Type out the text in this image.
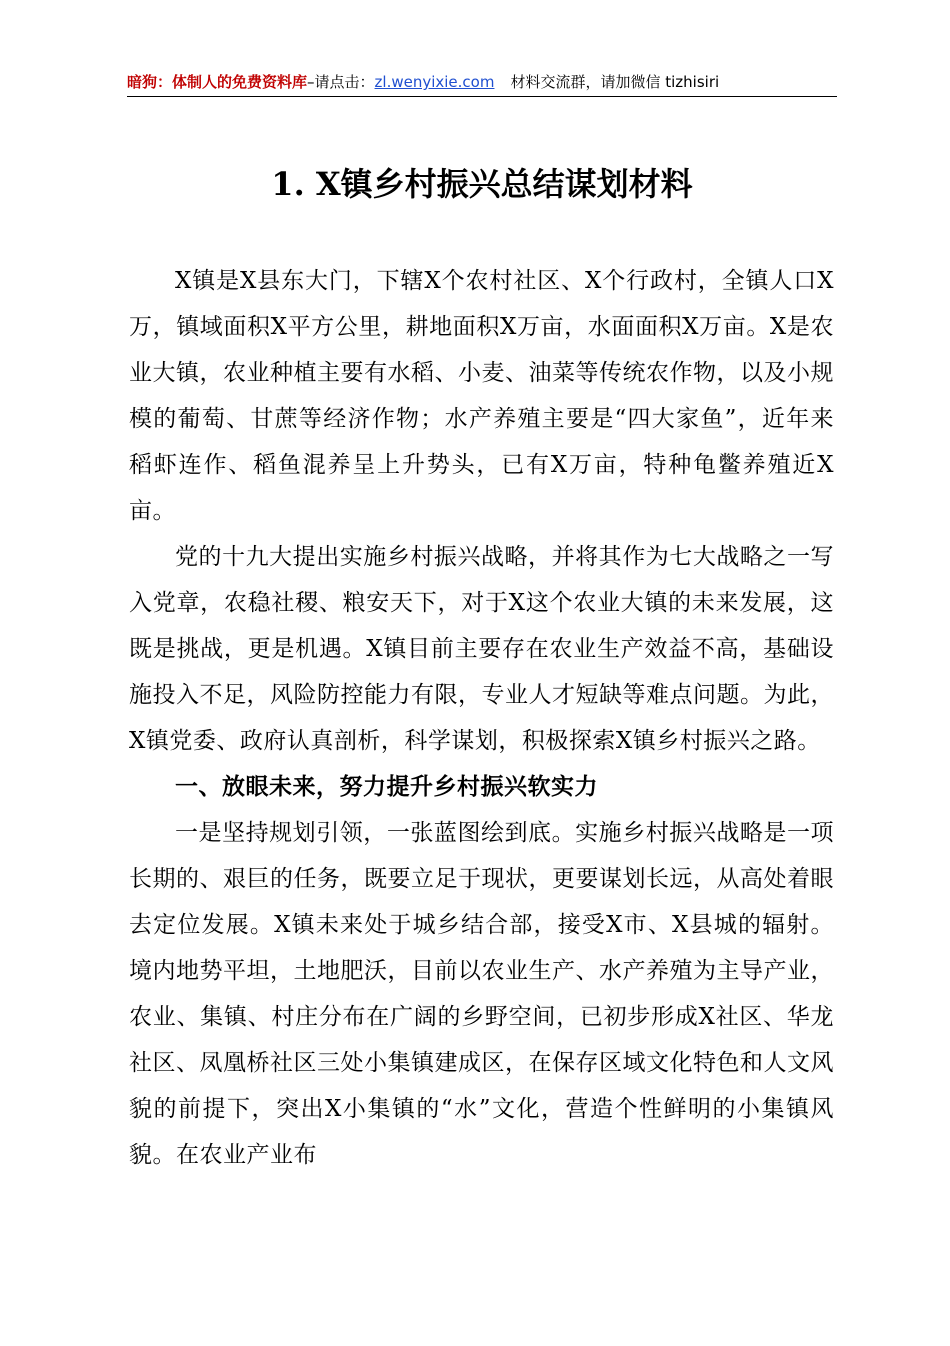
暗狗：体制人的免费资料库–请点击：zl.wenyixie.com 材料交流群，请加微信 tizhisiri
1. X镇乡村振兴总结谋划材料

X镇是X县东大门，下辖X个农村社区、X个行政村，全镇人口X万，镇域面积X平方公里，耕地面积X万亩，水面面积X万亩。X是农业大镇，农业种植主要有水稻、小麦、油菜等传统农作物，以及小规模的葡萄、甘蔗等经济作物；水产养殖主要是“四大家鱼”，近年来稻虾连作、稻鱼混养呈上升势头，已有X万亩，特种龟鳖养殖近X亩。

党的十九大提出实施乡村振兴战略，并将其作为七大战略之一写入党章，农稳社稷、粮安天下，对于X这个农业大镇的未来发展，这既是挑战，更是机遇。X镇目前主要存在农业生产效益不高，基础设施投入不足，风险防控能力有限，专业人才短缺等难点问题。为此，X镇党委、政府认真剖析，科学谋划，积极探索X镇乡村振兴之路。

一、放眼未来，努力提升乡村振兴软实力

一是坚持规划引领，一张蓝图绘到底。实施乡村振兴战略是一项长期的、艰巨的任务，既要立足于现状，更要谋划长远，从高处着眼去定位发展。X镇未来处于城乡结合部，接受X市、X县城的辐射。境内地势平坦，土地肥沃，目前以农业生产、水产养殖为主导产业，农业、集镇、村庄分布在广阔的乡野空间，已初步形成X社区、华龙社区、凤凰桥社区三处小集镇建成区，在保存区域文化特色和人文风貌的前提下，突出X小集镇的“水”文化，营造个性鲜明的小集镇风貌。在农业产业布
